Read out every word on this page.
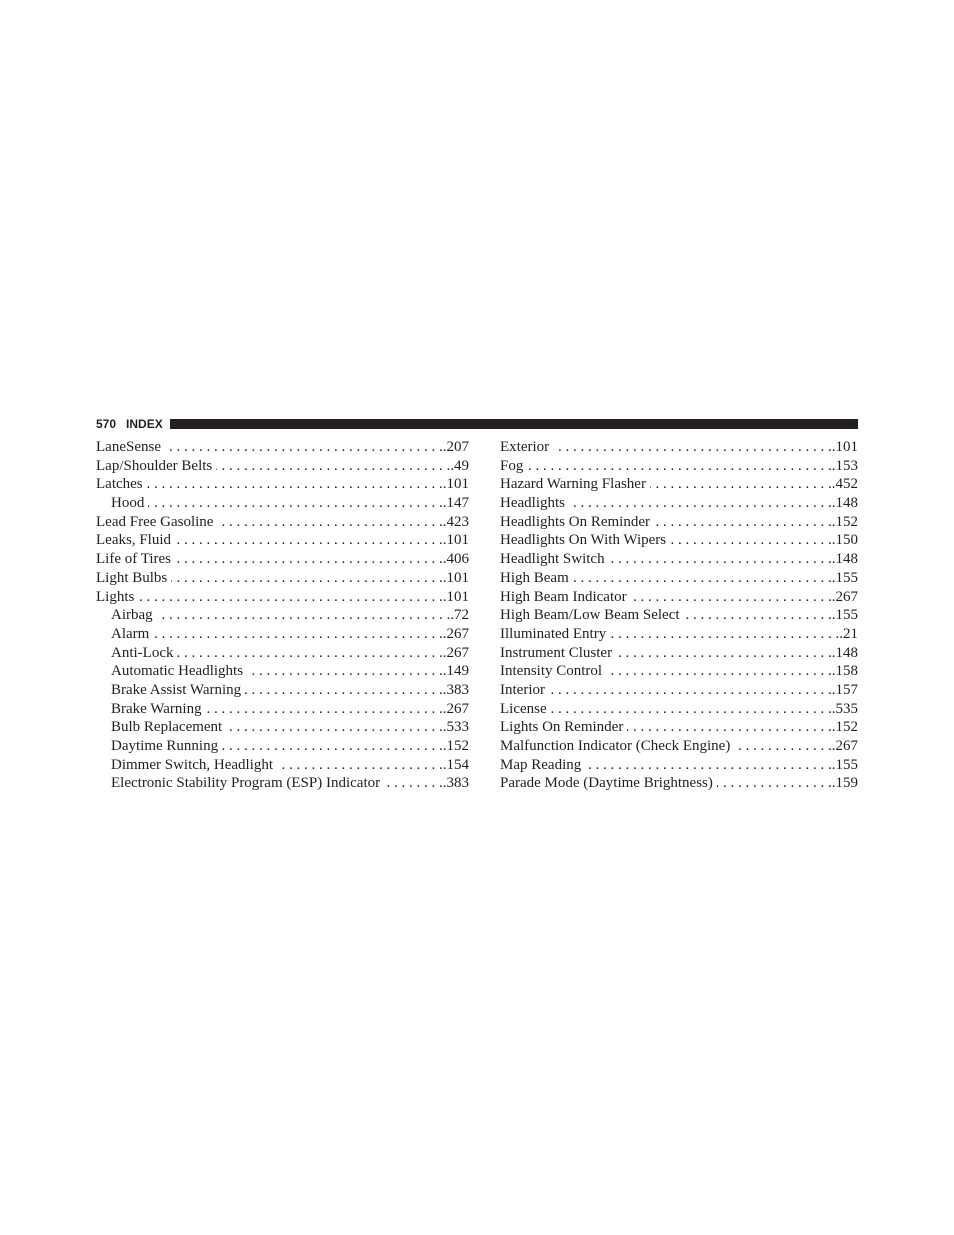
570 INDEX
LaneSense . . .	.207
Lap/Shoulder Belts . . .	.49
Latches . . .	.101
Hood . . .	.147
Lead Free Gasoline . . .	.423
Leaks, Fluid . . .	.101
Life of Tires . . .	.406
Light Bulbs . . .	.101
Lights . . .	.101
Airbag . . .	.72
Alarm . . .	.267
Anti-Lock . . .	.267
Automatic Headlights . . .	.149
Brake Assist Warning . . .	.383
Brake Warning . . .	.267
Bulb Replacement . . .	.533
Daytime Running . . .	.152
Dimmer Switch, Headlight . . .	.154
Electronic Stability Program (ESP) Indicator . . .	.383
Exterior . . .	.101
Fog . . .	.153
Hazard Warning Flasher . . .	.452
Headlights . . .	.148
Headlights On Reminder . . .	.152
Headlights On With Wipers . . .	.150
Headlight Switch . . .	.148
High Beam . . .	.155
High Beam Indicator . . .	.267
High Beam/Low Beam Select . . .	.155
Illuminated Entry . . .	.21
Instrument Cluster . . .	.148
Intensity Control . . .	.158
Interior . . .	.157
License . . .	.535
Lights On Reminder . . .	.152
Malfunction Indicator (Check Engine) . . .	.267
Map Reading . . .	.155
Parade Mode (Daytime Brightness) . . .	.159
